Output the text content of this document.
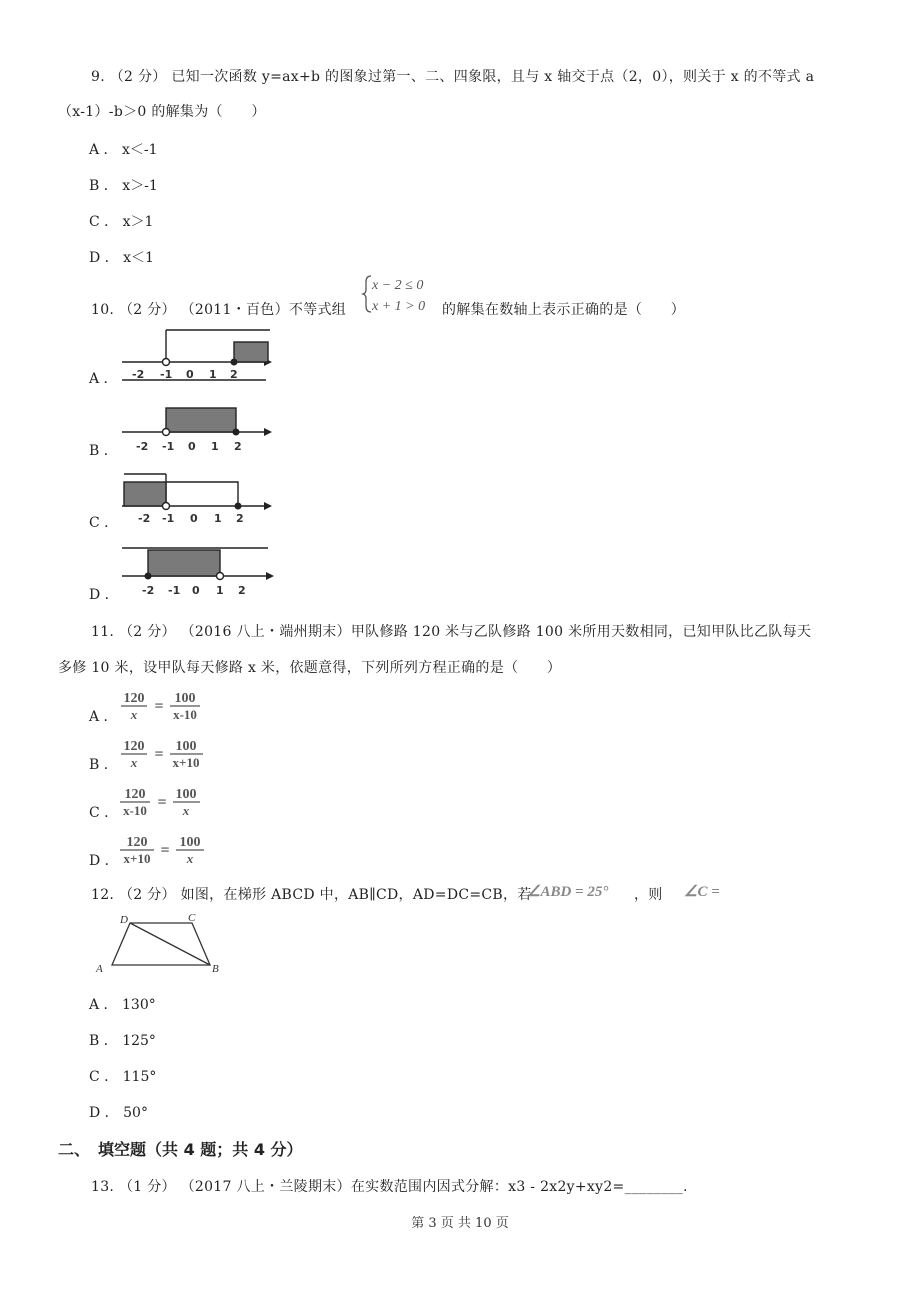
9. （2 分） 已知一次函数 y=ax+b 的图象过第一、二、四象限，且与 x 轴交于点（2，0），则关于 x 的不等式 a
（x-1）-b＞0 的解集为（　　）
A ． x＜-1
B ． x＞-1
C ． x＞1
D ． x＜1
10. （2 分） （2011・百色）不等式组
x − 2 ≤ 0
x + 1 > 0 的解集在数轴上表示正确的是（　　）
A ． -2 -1 0 1 2
B ． -2 -1 0 1 2
C ． -2 -1 0 1 2
D ． -2 -1 0 1 2
11. （2 分） （2016 八上・端州期末）甲队修路 120 米与乙队修路 100 米所用天数相同，已知甲队比乙队每天
多修 10 米，设甲队每天修路 x 米，依题意得，下列所列方程正确的是（　　）
A ．
120
x = 100
x-10
B ．
120
x = 100
x+10
C ．
120
x-10 = 100
x
D ．
120
x+10 = 100
x
12. （2 分） 如图，在梯形 ABCD 中，AB∥CD，AD=DC=CB，若
∠ABD = 25° ，则 ∠C =
D	C
A	B
A ． 130°
B ． 125°
C ． 115°
D ． 50°
二、　填空题（共 4 题；共 4 分）
13. （1 分） （2017 八上・兰陵期末）在实数范围内因式分解：x3 - 2x2y+xy2=________.
第 3 页 共 10 页
